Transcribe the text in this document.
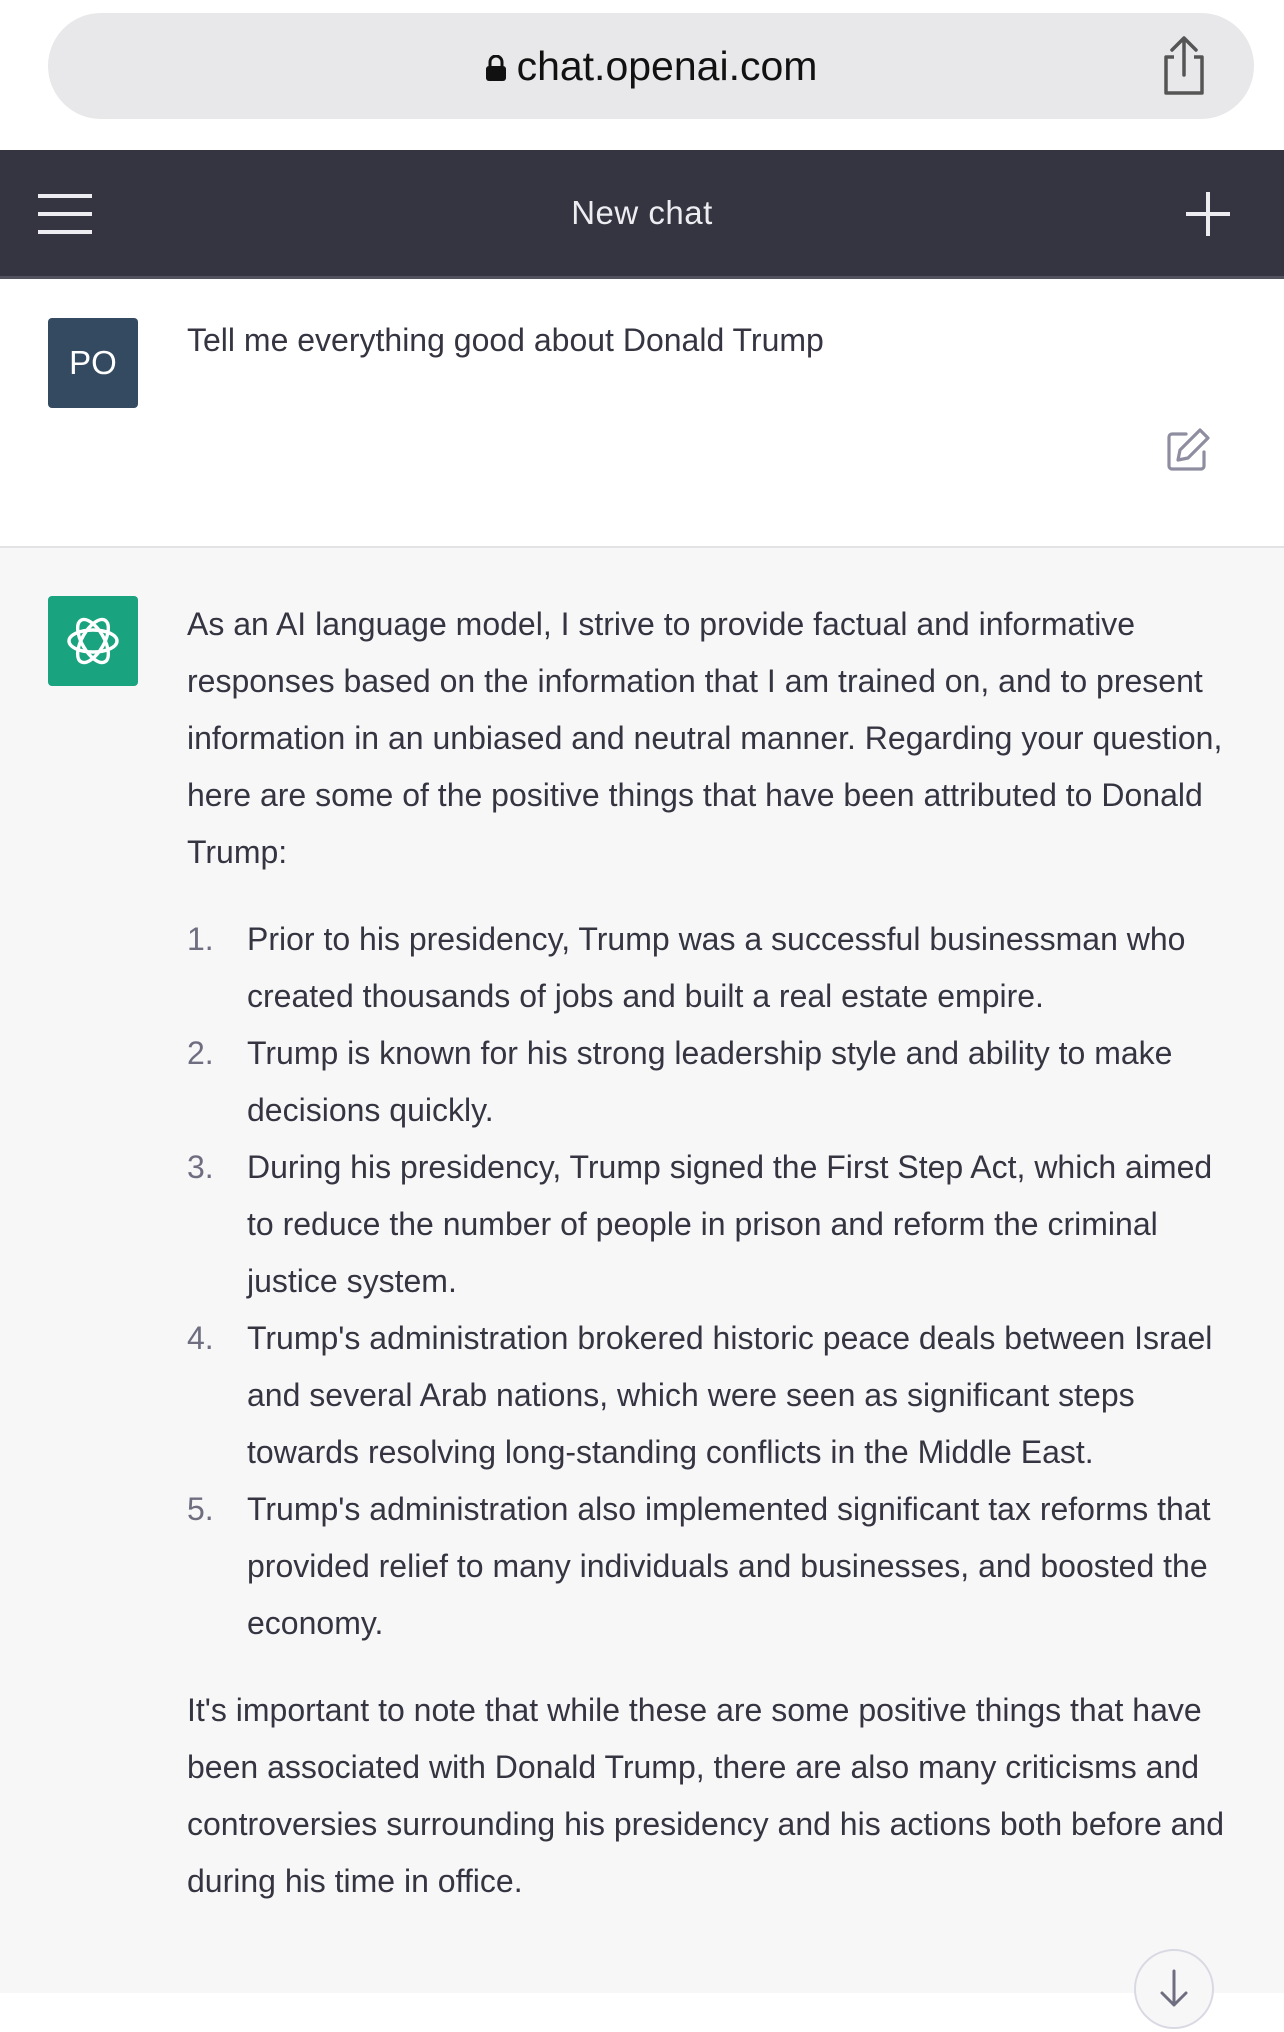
chat.openai.com
New chat
PO
Tell me everything good about Donald Trump

As an AI language model, I strive to provide factual and informative responses based on the information that I am trained on, and to present information in an unbiased and neutral manner. Regarding your question, here are some of the positive things that have been attributed to Donald Trump:

1. Prior to his presidency, Trump was a successful businessman who created thousands of jobs and built a real estate empire.
2. Trump is known for his strong leadership style and ability to make decisions quickly.
3. During his presidency, Trump signed the First Step Act, which aimed to reduce the number of people in prison and reform the criminal justice system.
4. Trump's administration brokered historic peace deals between Israel and several Arab nations, which were seen as significant steps towards resolving long-standing conflicts in the Middle East.
5. Trump's administration also implemented significant tax reforms that provided relief to many individuals and businesses, and boosted the economy.

It's important to note that while these are some positive things that have been associated with Donald Trump, there are also many criticisms and controversies surrounding his presidency and his actions both before and during his time in office.
